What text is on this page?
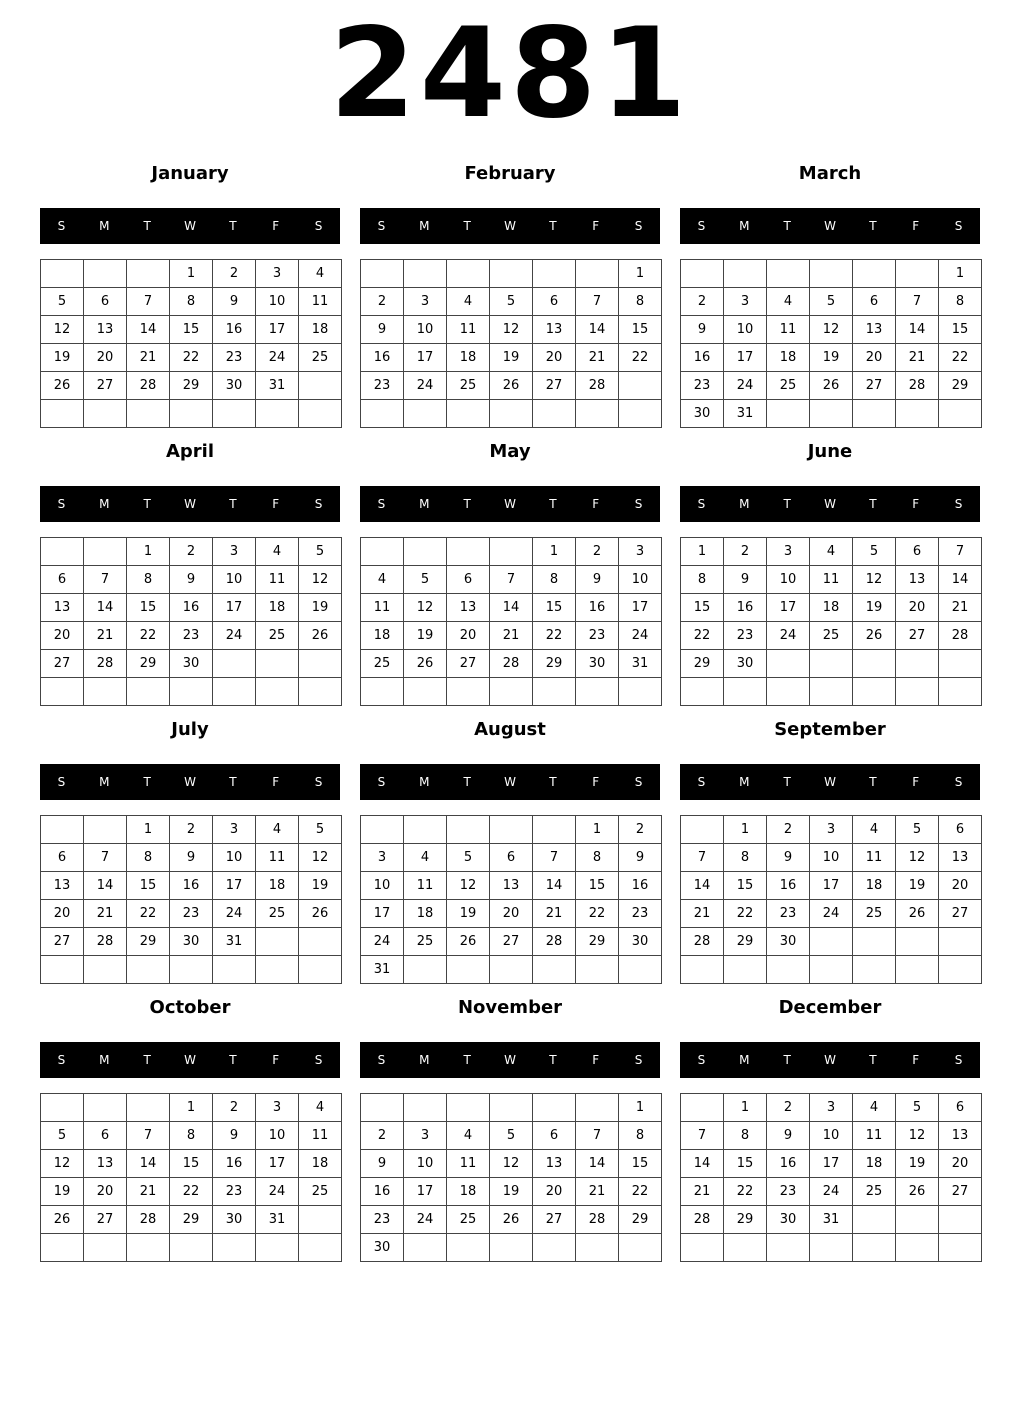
2481
January
S	M	T	W	T	F	S
			1	2	3	4
5	6	7	8	9	10	11
12	13	14	15	16	17	18
19	20	21	22	23	24	25
26	27	28	29	30	31	

February
S	M	T	W	T	F	S
						1
2	3	4	5	6	7	8
9	10	11	12	13	14	15
16	17	18	19	20	21	22
23	24	25	26	27	28	

March
S	M	T	W	T	F	S
						1
2	3	4	5	6	7	8
9	10	11	12	13	14	15
16	17	18	19	20	21	22
23	24	25	26	27	28	29
30	31					
April
S	M	T	W	T	F	S
		1	2	3	4	5
6	7	8	9	10	11	12
13	14	15	16	17	18	19
20	21	22	23	24	25	26
27	28	29	30			

May
S	M	T	W	T	F	S
				1	2	3
4	5	6	7	8	9	10
11	12	13	14	15	16	17
18	19	20	21	22	23	24
25	26	27	28	29	30	31

June
S	M	T	W	T	F	S
1	2	3	4	5	6	7
8	9	10	11	12	13	14
15	16	17	18	19	20	21
22	23	24	25	26	27	28
29	30					

July
S	M	T	W	T	F	S
		1	2	3	4	5
6	7	8	9	10	11	12
13	14	15	16	17	18	19
20	21	22	23	24	25	26
27	28	29	30	31		

August
S	M	T	W	T	F	S
					1	2
3	4	5	6	7	8	9
10	11	12	13	14	15	16
17	18	19	20	21	22	23
24	25	26	27	28	29	30
31						
September
S	M	T	W	T	F	S
	1	2	3	4	5	6
7	8	9	10	11	12	13
14	15	16	17	18	19	20
21	22	23	24	25	26	27
28	29	30				

October
S	M	T	W	T	F	S
			1	2	3	4
5	6	7	8	9	10	11
12	13	14	15	16	17	18
19	20	21	22	23	24	25
26	27	28	29	30	31	

November
S	M	T	W	T	F	S
						1
2	3	4	5	6	7	8
9	10	11	12	13	14	15
16	17	18	19	20	21	22
23	24	25	26	27	28	29
30						
December
S	M	T	W	T	F	S
	1	2	3	4	5	6
7	8	9	10	11	12	13
14	15	16	17	18	19	20
21	22	23	24	25	26	27
28	29	30	31			
